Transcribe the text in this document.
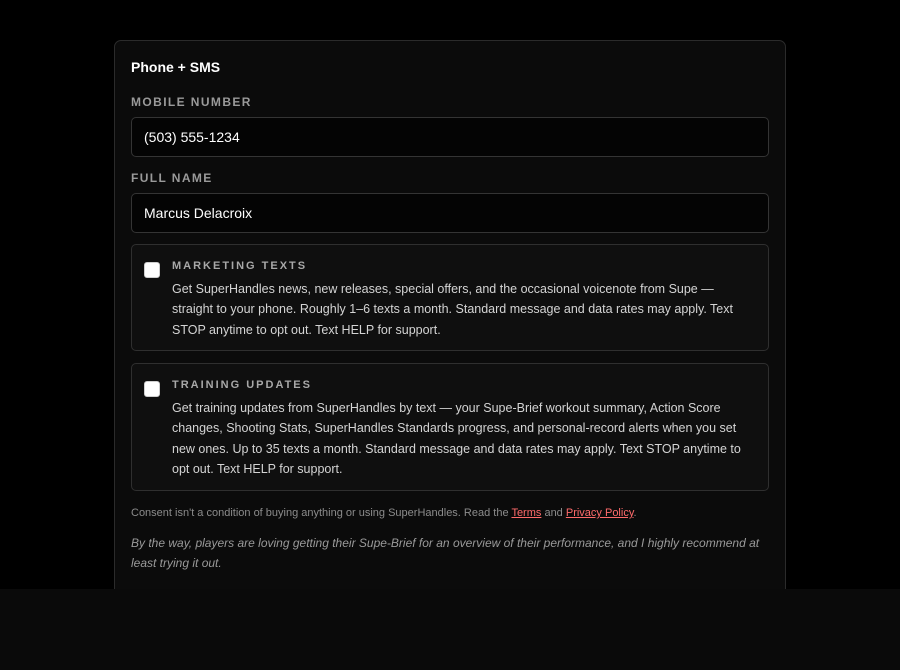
Phone + SMS
MOBILE NUMBER
(503) 555-1234
FULL NAME
Marcus Delacroix
MARKETING TEXTS
Get SuperHandles news, new releases, special offers, and the occasional voicenote from Supe — straight to your phone. Roughly 1–6 texts a month. Standard message and data rates may apply. Text STOP anytime to opt out. Text HELP for support.
TRAINING UPDATES
Get training updates from SuperHandles by text — your Supe-Brief workout summary, Action Score changes, Shooting Stats, SuperHandles Standards progress, and personal-record alerts when you set new ones. Up to 35 texts a month. Standard message and data rates may apply. Text STOP anytime to opt out. Text HELP for support.
Consent isn't a condition of buying anything or using SuperHandles. Read the Terms and Privacy Policy.
By the way, players are loving getting their Supe-Brief for an overview of their performance, and I highly recommend at least trying it out.
